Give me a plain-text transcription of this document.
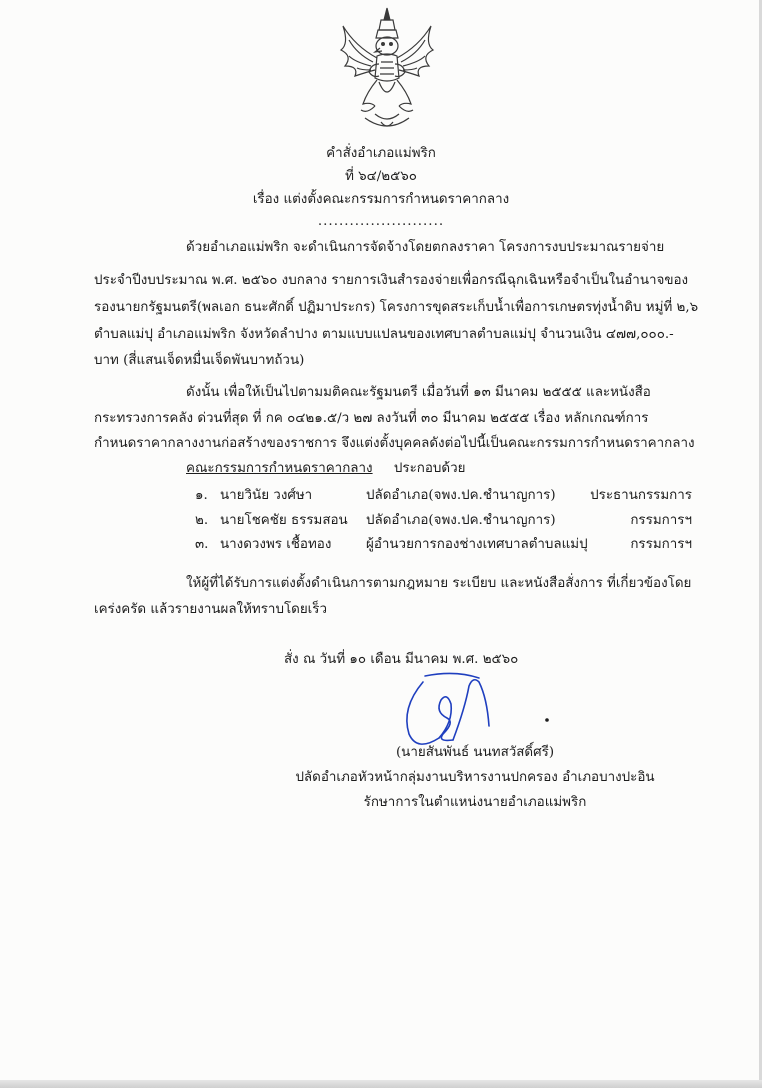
คำสั่งอำเภอแม่พริก
ที่ ๖๔/๒๕๖๐
เรื่อง แต่งตั้งคณะกรรมการกำหนดราคากลาง
........................
ด้วยอำเภอแม่พริก จะดำเนินการจัดจ้างโดยตกลงราคา โครงการงบประมาณรายจ่าย
ประจำปีงบประมาณ พ.ศ. ๒๕๖๐ งบกลาง รายการเงินสำรองจ่ายเพื่อกรณีฉุกเฉินหรือจำเป็นในอำนาจของ
รองนายกรัฐมนตรี(พลเอก ธนะศักดิ์ ปฏิมาประกร) โครงการขุดสระเก็บน้ำเพื่อการเกษตรทุ่งน้ำดิบ หมู่ที่ ๒,๖
ตำบลแม่ปุ อำเภอแม่พริก จังหวัดลำปาง ตามแบบแปลนของเทศบาลตำบลแม่ปุ จำนวนเงิน ๔๗๗,๐๐๐.-
บาท (สี่แสนเจ็ดหมื่นเจ็ดพันบาทถ้วน)
ดังนั้น เพื่อให้เป็นไปตามมติคณะรัฐมนตรี เมื่อวันที่ ๑๓ มีนาคม ๒๕๕๕ และหนังสือ
กระทรวงการคลัง ด่วนที่สุด ที่ กค ๐๔๒๑.๕/ว ๒๗ ลงวันที่ ๓๐ มีนาคม ๒๕๕๕ เรื่อง หลักเกณฑ์การ
กำหนดราคากลางงานก่อสร้างของราชการ จึงแต่งตั้งบุคคลดังต่อไปนี้เป็นคณะกรรมการกำหนดราคากลาง
คณะกรรมการกำหนดราคากลาง ประกอบด้วย
๑. นายวินัย วงศ์ษา	ปลัดอำเภอ(จพง.ปค.ชำนาญการ)	ประธานกรรมการ
๒. นายโชคชัย ธรรมสอน ปลัดอำเภอ(จพง.ปค.ชำนาญการ)	กรรมการฯ
๓. นางดวงพร เชื้อทอง	ผู้อำนวยการกองช่างเทศบาลตำบลแม่ปุ	กรรมการฯ
ให้ผู้ที่ได้รับการแต่งตั้งดำเนินการตามกฎหมาย ระเบียบ และหนังสือสั่งการ ที่เกี่ยวข้องโดย
เคร่งครัด แล้วรายงานผลให้ทราบโดยเร็ว
สั่ง ณ วันที่ ๑๐ เดือน มีนาคม พ.ศ. ๒๕๖๐
(นายสันพันธ์ นนทสวัสดิ์ศรี)
ปลัดอำเภอหัวหน้ากลุ่มงานบริหารงานปกครอง อำเภอบางปะอิน
รักษาการในตำแหน่งนายอำเภอแม่พริก
